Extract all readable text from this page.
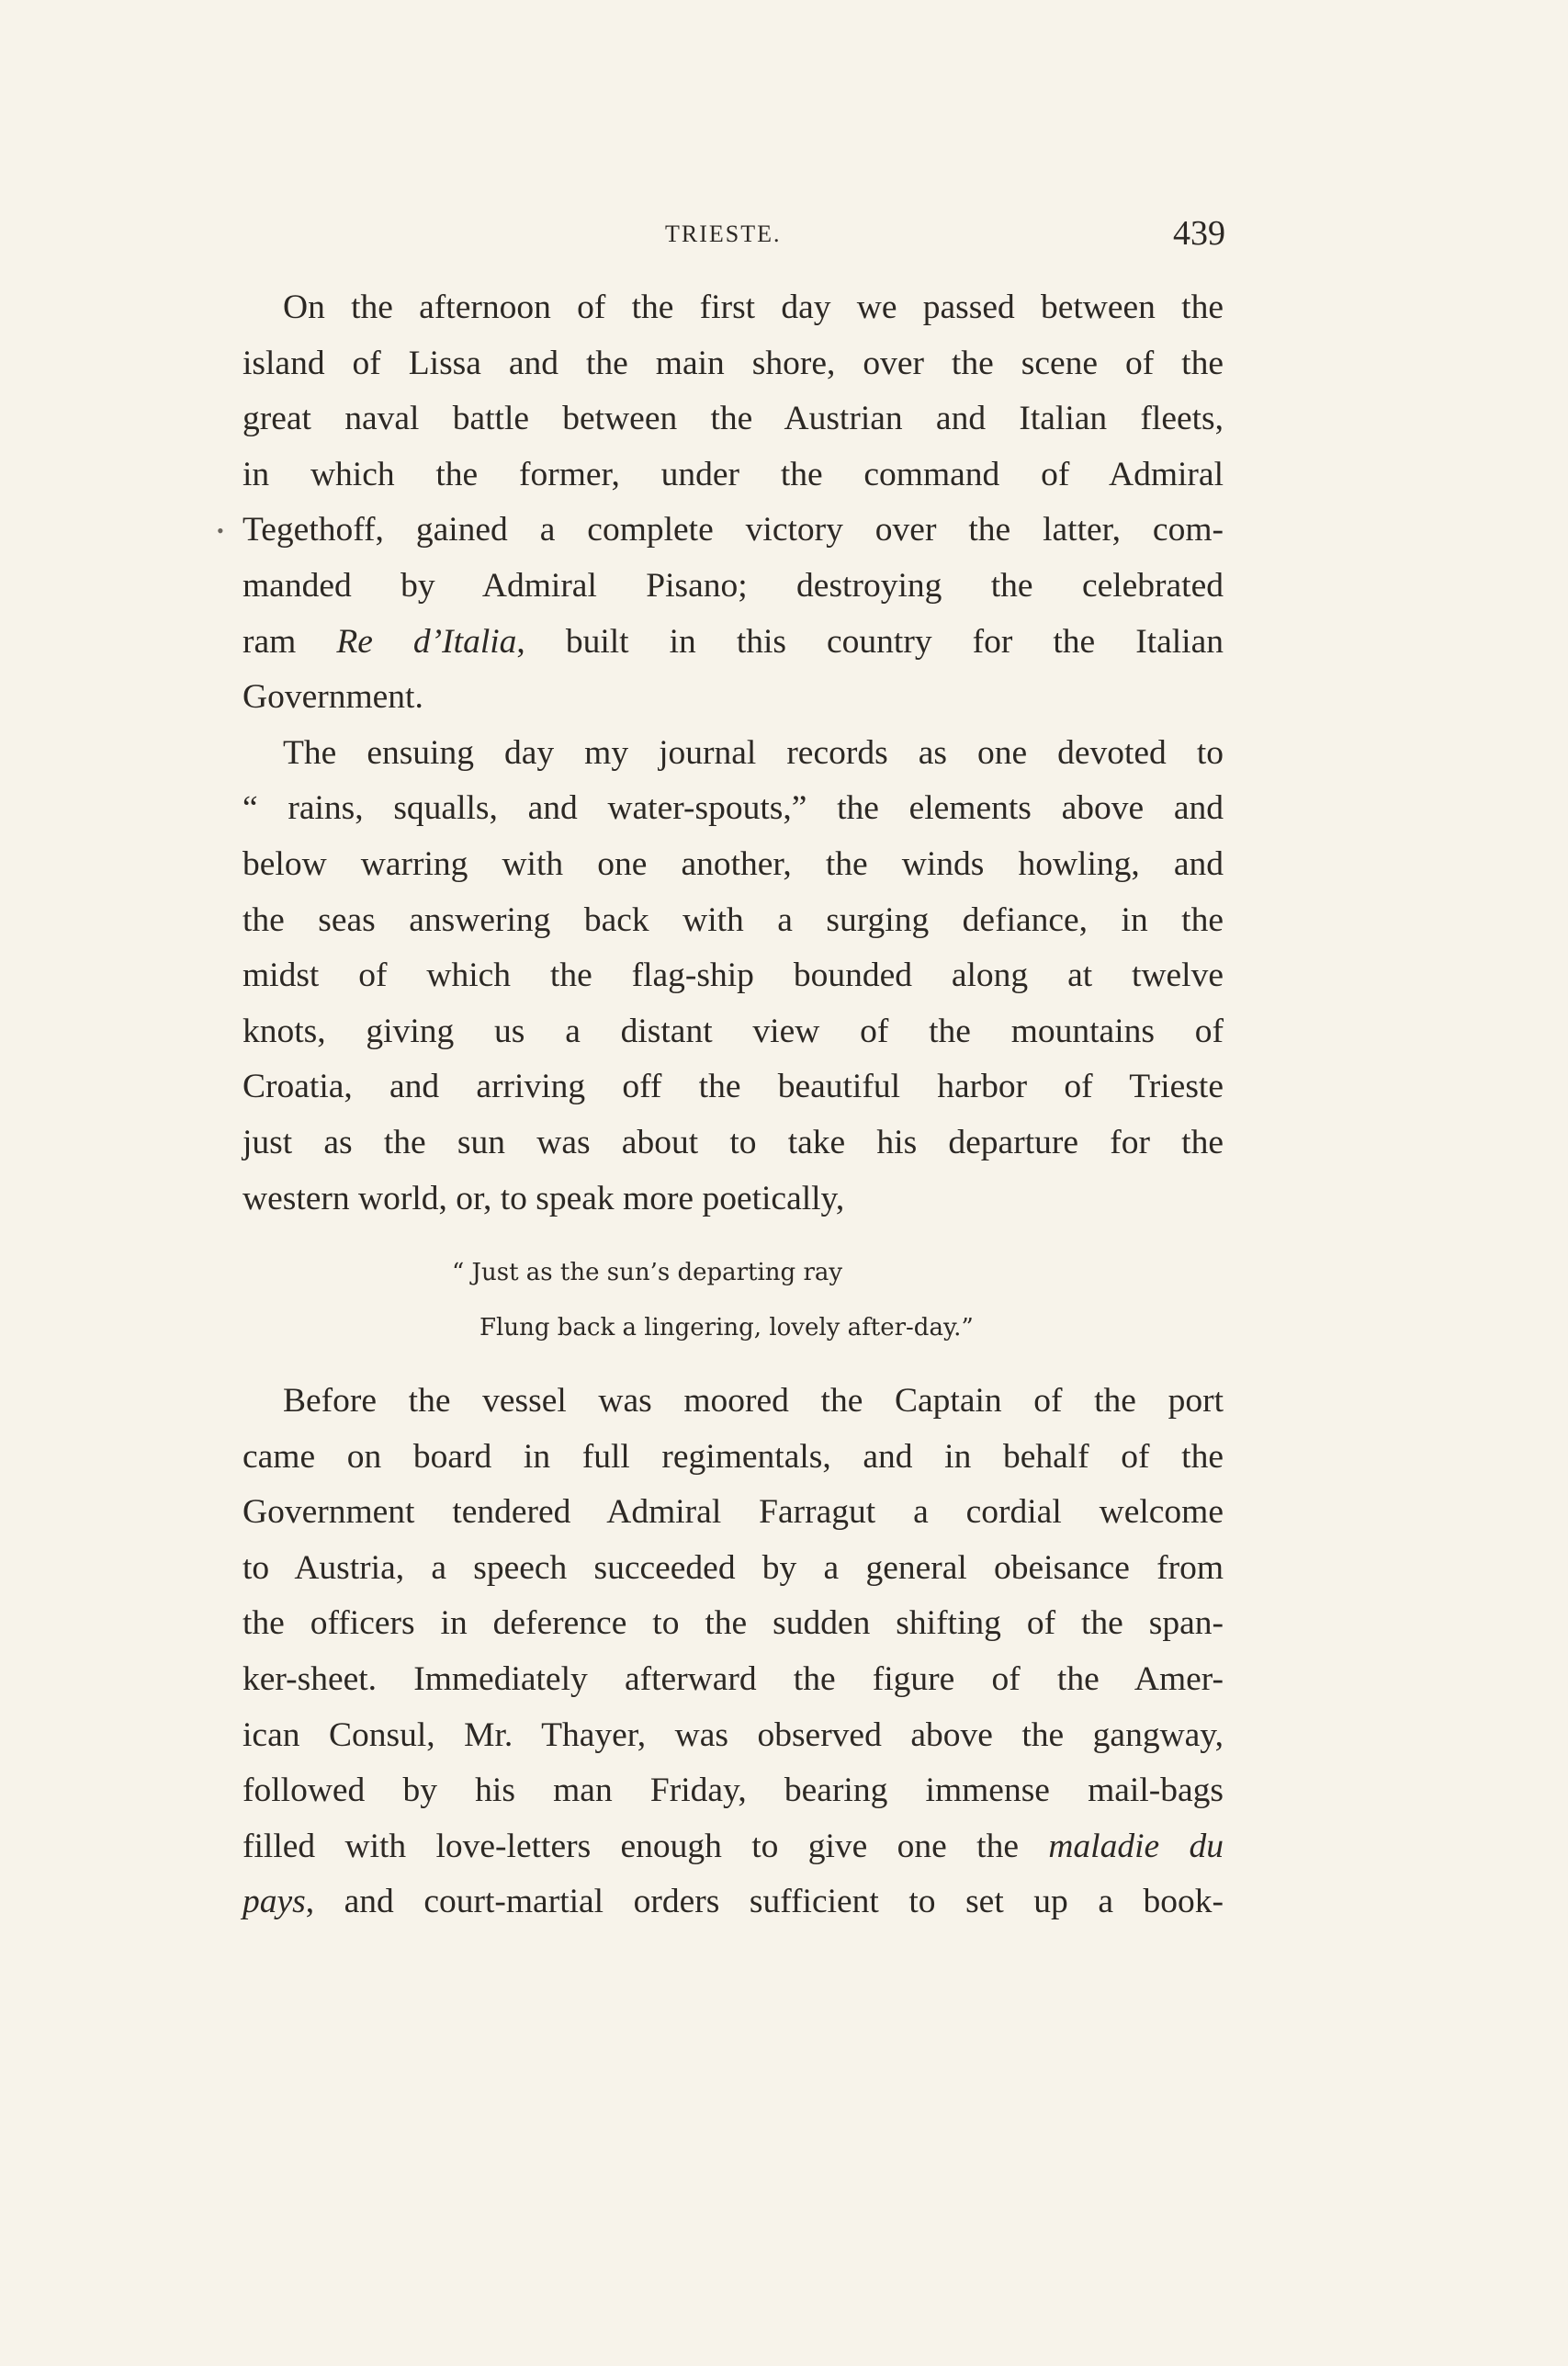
TRIESTE.	439

On the afternoon of the first day we passed between the
island of Lissa and the main shore, over the scene of the
great naval battle between the Austrian and Italian fleets,
in which the former, under the command of Admiral
Tegethoff, gained a complete victory over the latter, com-
manded by Admiral Pisano; destroying the celebrated
ram Re d’Italia, built in this country for the Italian
Government.

The ensuing day my journal records as one devoted to
“ rains, squalls, and water-spouts,” the elements above and
below warring with one another, the winds howling, and
the seas answering back with a surging defiance, in the
midst of which the flag-ship bounded along at twelve
knots, giving us a distant view of the mountains of
Croatia, and arriving off the beautiful harbor of Trieste
just as the sun was about to take his departure for the
western world, or, to speak more poetically,

“ Just as the sun’s departing ray
Flung back a lingering, lovely after-day.”

Before the vessel was moored the Captain of the port
came on board in full regimentals, and in behalf of the
Government tendered Admiral Farragut a cordial welcome
to Austria, a speech succeeded by a general obeisance from
the officers in deference to the sudden shifting of the span-
ker-sheet. Immediately afterward the figure of the Amer-
ican Consul, Mr. Thayer, was observed above the gangway,
followed by his man Friday, bearing immense mail-bags
filled with love-letters enough to give one the maladie du
pays, and court-martial orders sufficient to set up a book-

•
